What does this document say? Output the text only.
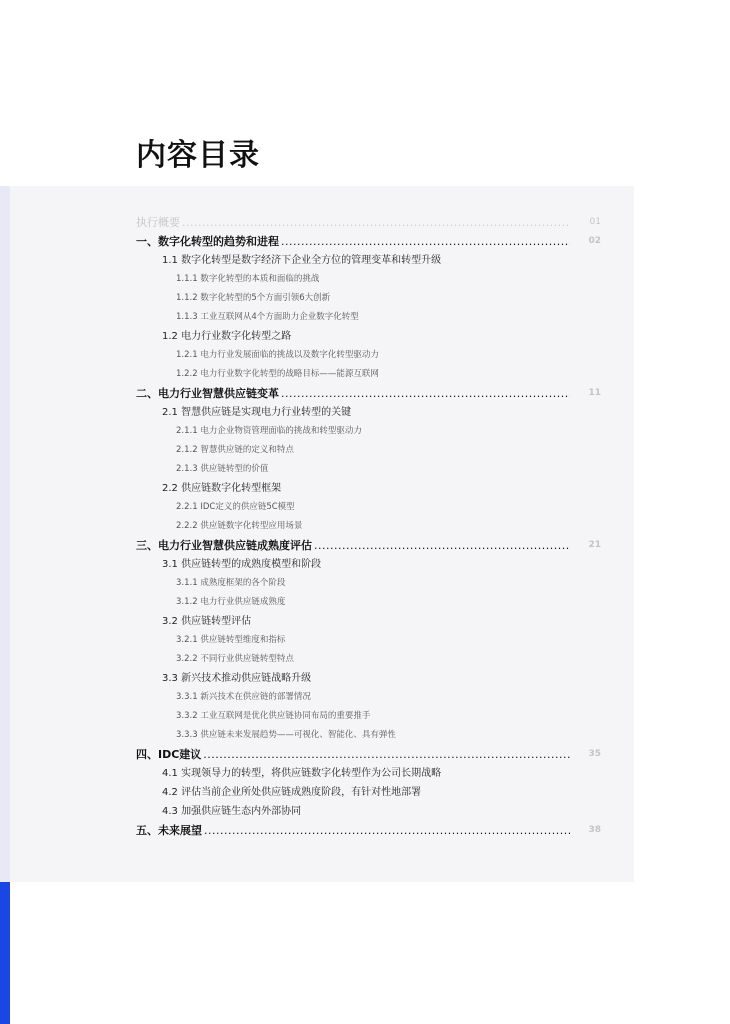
内容目录
执行概要 .....	01
一、数字化转型的趋势和进程 .....	02
1.1 数字化转型是数字经济下企业全方位的管理变革和转型升级
1.1.1 数字化转型的本质和面临的挑战
1.1.2 数字化转型的5个方面引领6大创新
1.1.3 工业互联网从4个方面助力企业数字化转型
1.2 电力行业数字化转型之路
1.2.1 电力行业发展面临的挑战以及数字化转型驱动力
1.2.2 电力行业数字化转型的战略目标——能源互联网
二、电力行业智慧供应链变革 .....	11
2.1 智慧供应链是实现电力行业转型的关键
2.1.1 电力企业物资管理面临的挑战和转型驱动力
2.1.2 智慧供应链的定义和特点
2.1.3 供应链转型的价值
2.2 供应链数字化转型框架
2.2.1 IDC定义的供应链5C模型
2.2.2 供应链数字化转型应用场景
三、电力行业智慧供应链成熟度评估 .....	21
3.1 供应链转型的成熟度模型和阶段
3.1.1 成熟度框架的各个阶段
3.1.2 电力行业供应链成熟度
3.2 供应链转型评估
3.2.1 供应链转型维度和指标
3.2.2 不同行业供应链转型特点
3.3 新兴技术推动供应链战略升级
3.3.1 新兴技术在供应链的部署情况
3.3.2 工业互联网是优化供应链协同布局的重要推手
3.3.3 供应链未来发展趋势——可视化、智能化、具有弹性
四、IDC建议 .....	35
4.1 实现领导力的转型，将供应链数字化转型作为公司长期战略
4.2 评估当前企业所处供应链成熟度阶段，有针对性地部署
4.3 加强供应链生态内外部协同
五、未来展望 .....	38
